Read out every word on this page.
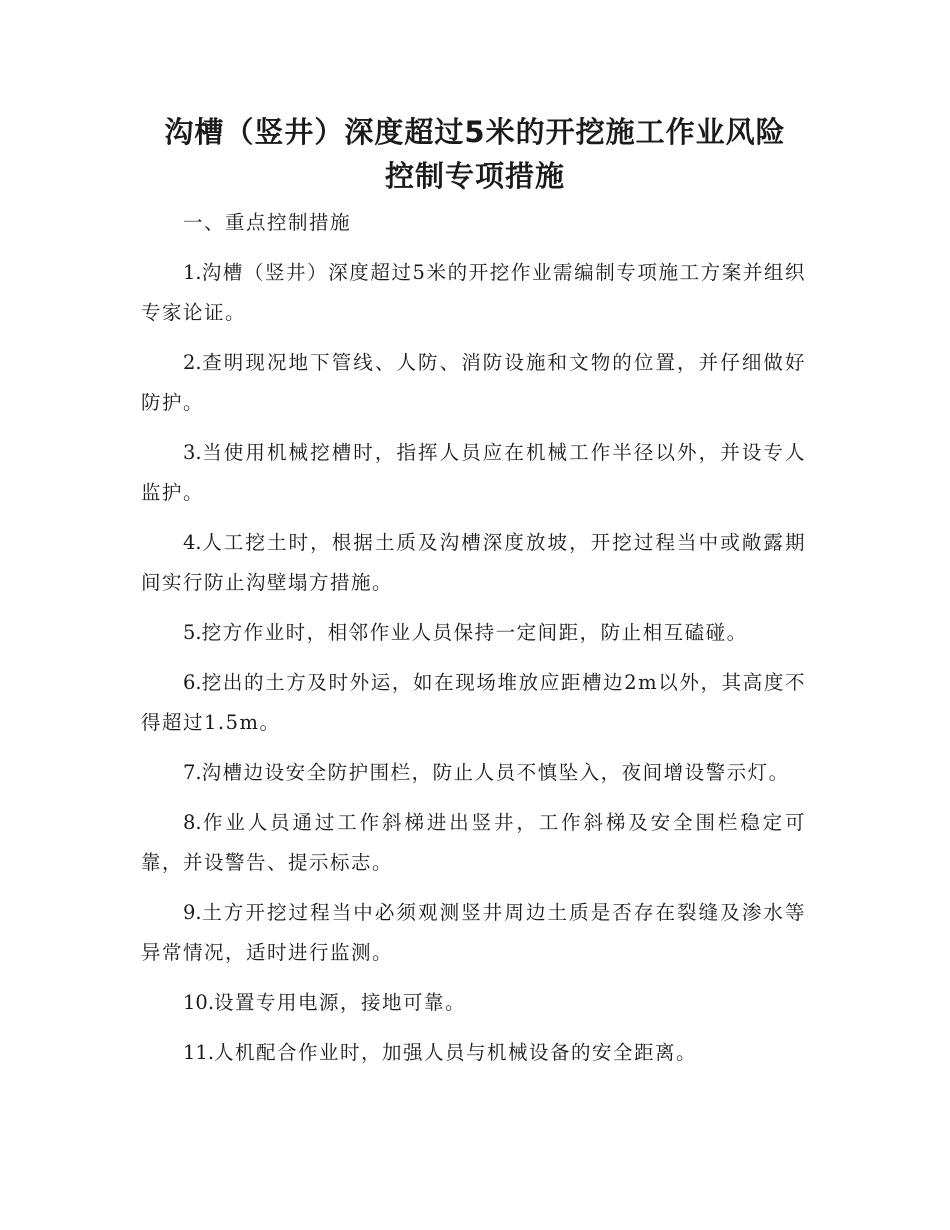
沟槽（竖井）深度超过5米的开挖施工作业风险
控制专项措施

一、重点控制措施

1.沟槽（竖井）深度超过5米的开挖作业需编制专项施工方案并组织专家论证。

2.查明现况地下管线、人防、消防设施和文物的位置，并仔细做好防护。

3.当使用机械挖槽时，指挥人员应在机械工作半径以外，并设专人监护。

4.人工挖土时，根据土质及沟槽深度放坡，开挖过程当中或敞露期间实行防止沟壁塌方措施。

5.挖方作业时，相邻作业人员保持一定间距，防止相互磕碰。

6.挖出的土方及时外运，如在现场堆放应距槽边2m以外，其高度不得超过1.5m。

7.沟槽边设安全防护围栏，防止人员不慎坠入，夜间增设警示灯。

8.作业人员通过工作斜梯进出竖井，工作斜梯及安全围栏稳定可靠，并设警告、提示标志。

9.土方开挖过程当中必须观测竖井周边土质是否存在裂缝及渗水等异常情况，适时进行监测。

10.设置专用电源，接地可靠。

11.人机配合作业时，加强人员与机械设备的安全距离。
